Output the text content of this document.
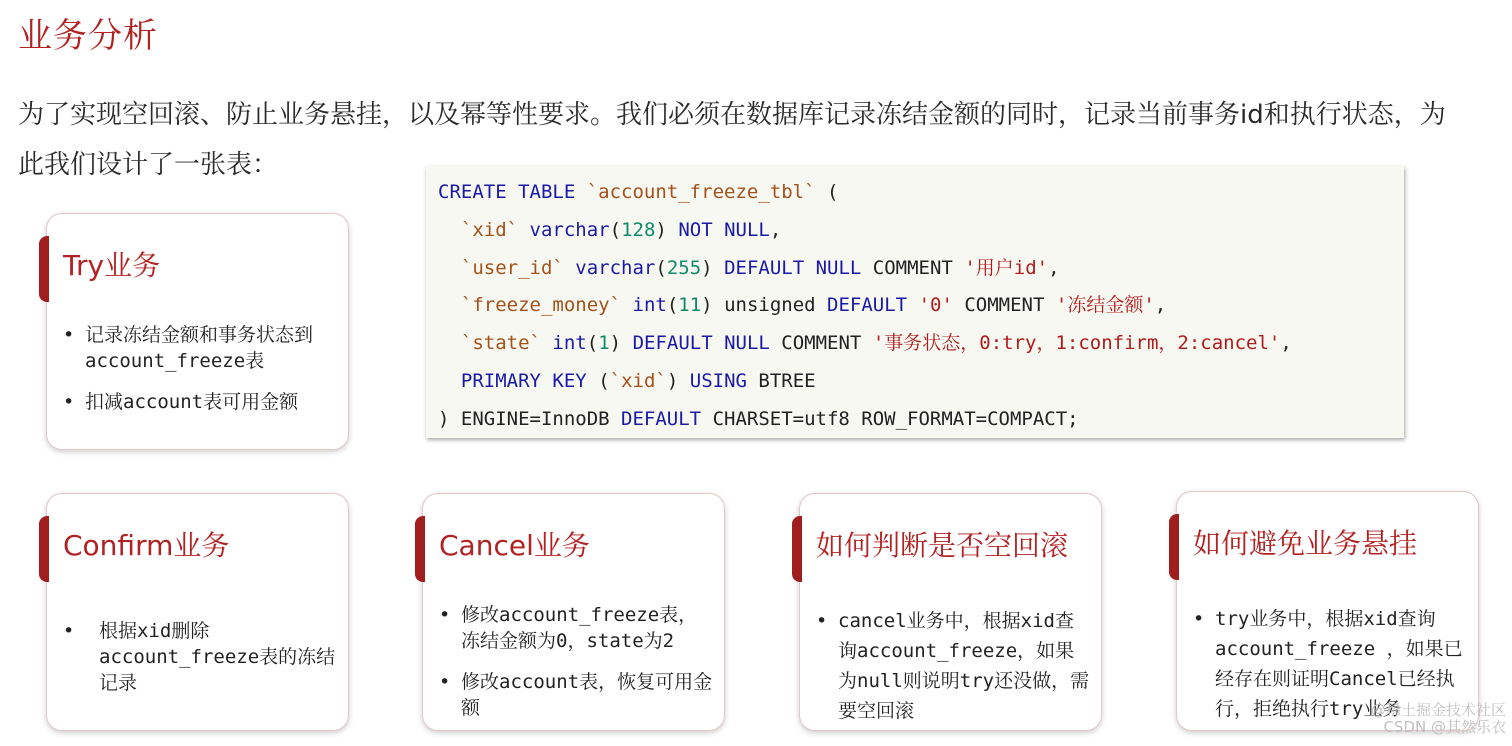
业务分析
为了实现空回滚、防止业务悬挂，以及幂等性要求。我们必须在数据库记录冻结金额的同时，记录当前事务id和执行状态，为此我们设计了一张表：
CREATE TABLE `account_freeze_tbl` (
`xid` varchar(128) NOT NULL,
`user_id` varchar(255) DEFAULT NULL COMMENT '用户id',
`freeze_money` int(11) unsigned DEFAULT '0' COMMENT '冻结金额',
`state` int(1) DEFAULT NULL COMMENT '事务状态，0:try，1:confirm，2:cancel',
PRIMARY KEY (`xid`) USING BTREE
) ENGINE=InnoDB DEFAULT CHARSET=utf8 ROW_FORMAT=COMPACT;
Try业务
• 记录冻结金额和事务状态到account_freeze表
• 扣减account表可用金额
Confirm业务
• 根据xid删除account_freeze表的冻结记录
Cancel业务
• 修改account_freeze表，冻结金额为0，state为2
• 修改account表，恢复可用金额
如何判断是否空回滚
• cancel业务中，根据xid查询account_freeze，如果为null则说明try还没做，需要空回滚
如何避免业务悬挂
• try业务中，根据xid查询account_freeze ，如果已经存在则证明Cancel已经执行，拒绝执行try业务
@稀土掘金技术社区
CSDN @其然乐衣
